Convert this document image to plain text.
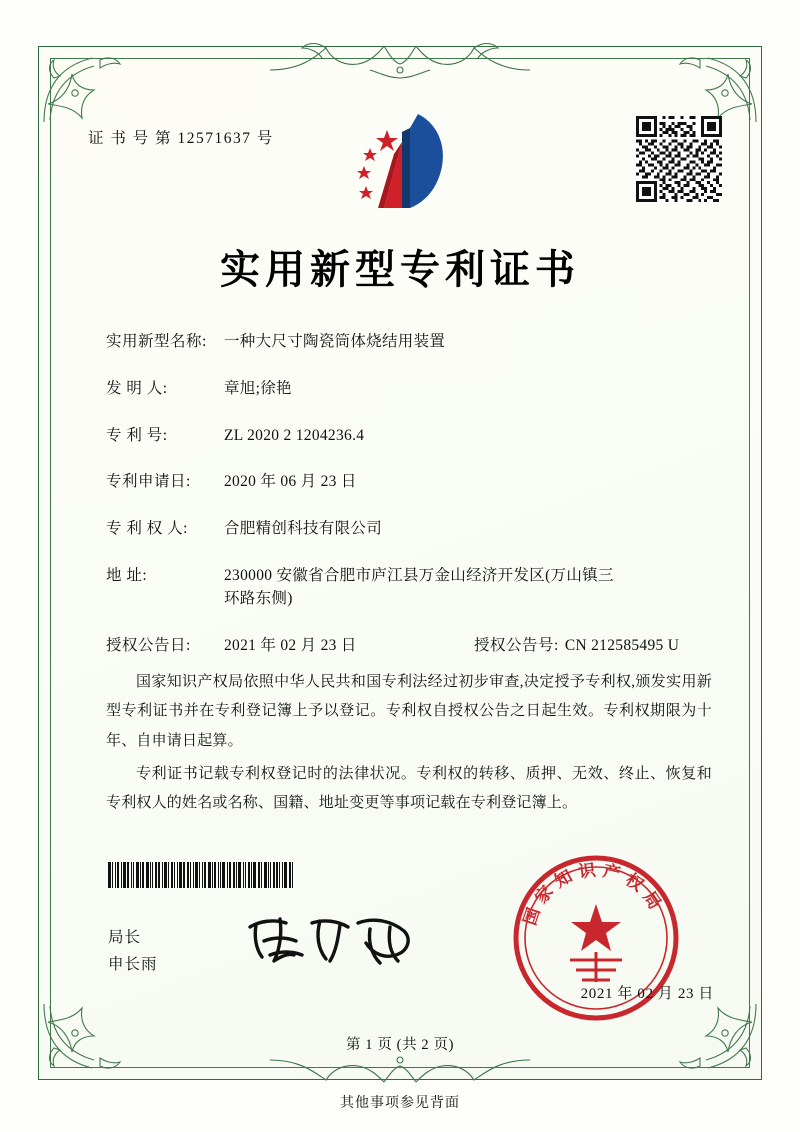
证 书 号 第 12571637 号
实用新型专利证书
实用新型名称:	一种大尺寸陶瓷筒体烧结用装置
发 明 人:	章旭;徐艳
专 利 号:	ZL 2020 2 1204236.4
专利申请日:	2020 年 06 月 23 日
专 利 权 人:	合肥精创科技有限公司
地 址:	230000 安徽省合肥市庐江县万金山经济开发区(万山镇三
环路东侧)
授权公告日:	2021 年 02 月 23 日	授权公告号: CN 212585495 U

国家知识产权局依照中华人民共和国专利法经过初步审查,决定授予专利权,颁发实用新型专利证书并在专利登记簿上予以登记。专利权自授权公告之日起生效。专利权期限为十年、自申请日起算。

专利证书记载专利权登记时的法律状况。专利权的转移、质押、无效、终止、恢复和专利权人的姓名或名称、国籍、地址变更等事项记载在专利登记簿上。

局长
申长雨
国 家 知 识 产 权 局
2021 年 02 月 23 日
第 1 页 (共 2 页)
其他事项参见背面
